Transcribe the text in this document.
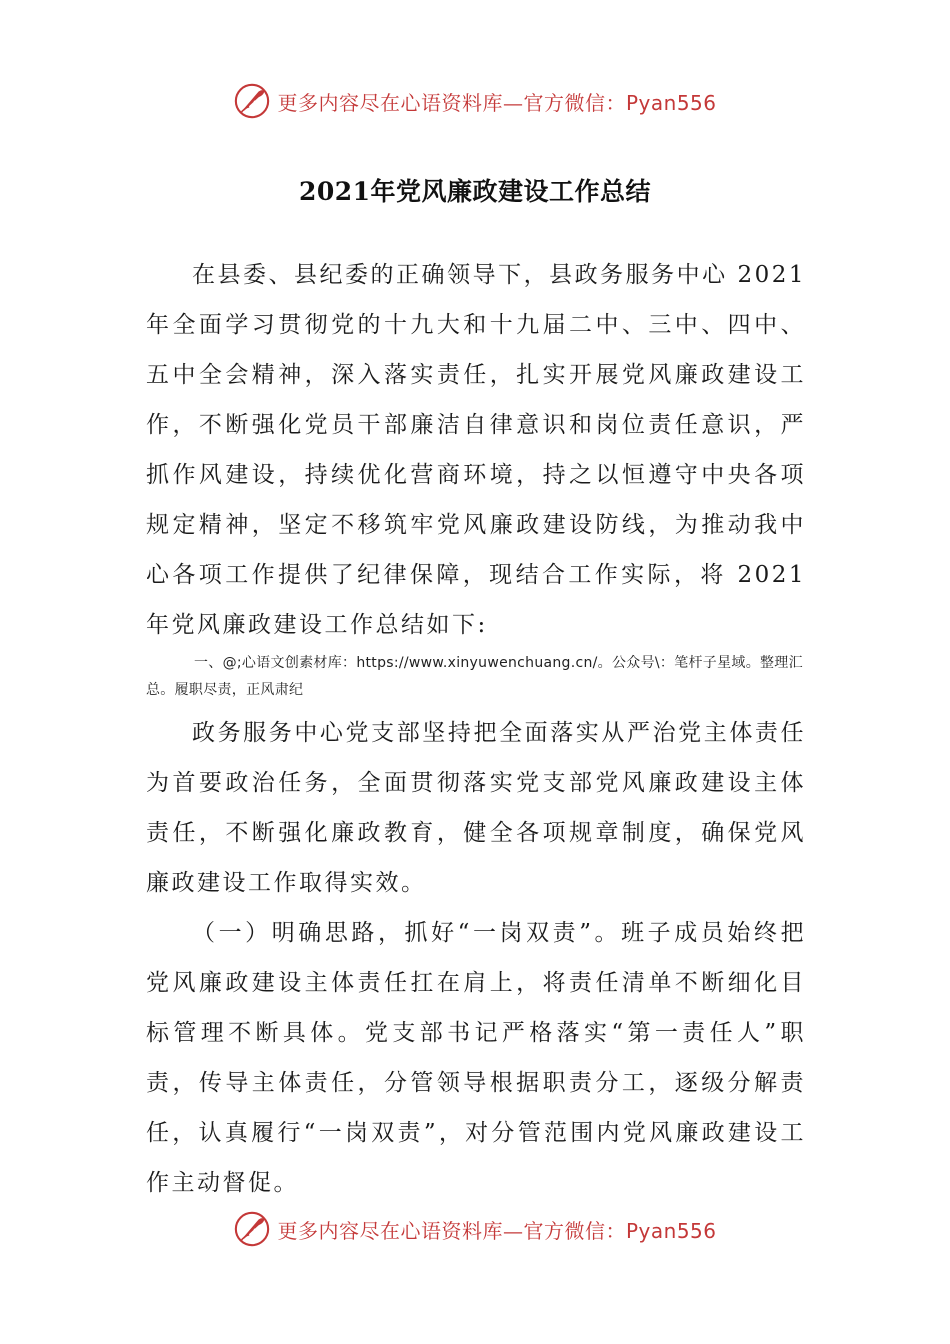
更多内容尽在心语资料库—官方微信：Pyan556
2021年党风廉政建设工作总结

在县委、县纪委的正确领导下，县政务服务中心 2021 年全面学习贯彻党的十九大和十九届二中、三中、四中、五中全会精神，深入落实责任，扎实开展党风廉政建设工作，不断强化党员干部廉洁自律意识和岗位责任意识，严抓作风建设，持续优化营商环境，持之以恒遵守中央各项规定精神，坚定不移筑牢党风廉政建设防线，为推动我中心各项工作提供了纪律保障，现结合工作实际，将 2021 年党风廉政建设工作总结如下:

一、@;心语文创素材库：https://www.xinyuwenchuang.cn/。公众号\：笔杆子星域。整理汇总。履职尽责，正风肃纪

政务服务中心党支部坚持把全面落实从严治党主体责任为首要政治任务，全面贯彻落实党支部党风廉政建设主体责任，不断强化廉政教育，健全各项规章制度，确保党风廉政建设工作取得实效。

（一）明确思路，抓好“一岗双责”。班子成员始终把党风廉政建设主体责任扛在肩上，将责任清单不断细化目标管理不断具体。党支部书记严格落实“第一责任人”职责，传导主体责任，分管领导根据职责分工，逐级分解责任，认真履行“一岗双责”，对分管范围内党风廉政建设工作主动督促。

更多内容尽在心语资料库—官方微信：Pyan556
